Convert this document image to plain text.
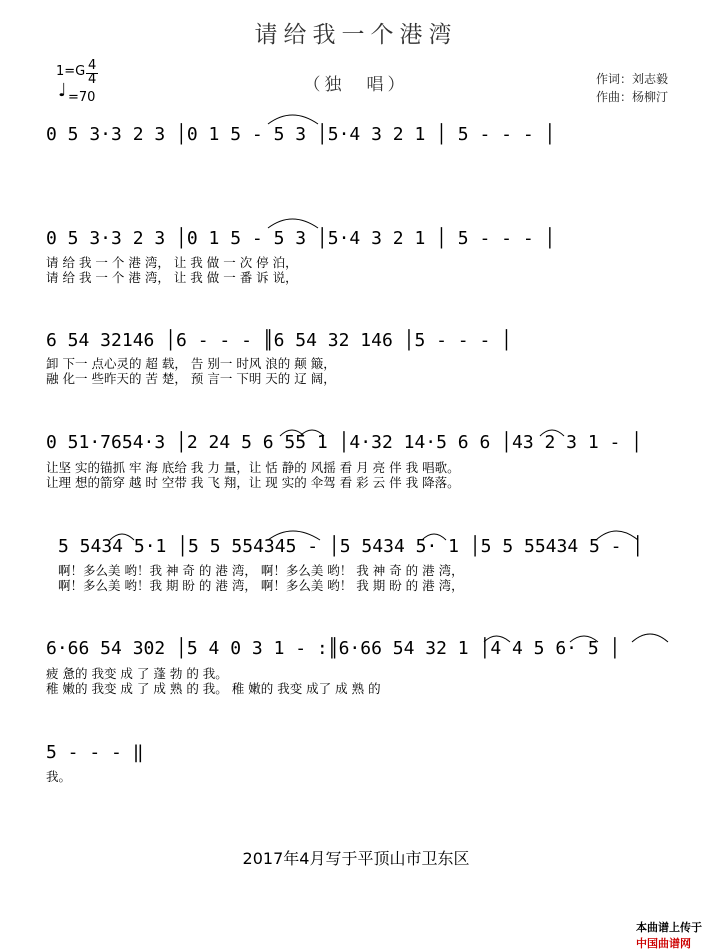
请给我一个港湾
（独　唱）
1=G 4
4
♩ =70
作词：刘志毅
作曲：杨柳汀
0 5 3·3 2 3 │0 1 5 - 5 3 │5·4 3 2 1 │ 5 - - - │
0 5 3·3 2 3 │0 1 5 - 5 3 │5·4 3 2 1 │ 5 - - - │
请 给 我 一 个 港 湾， 让 我 做 一 次 停 泊，
请 给 我 一 个 港 湾， 让 我 做 一 番 诉 说，
6 54 32146 │6 - - - ║6 54 32 146 │5 - - - │
卸 下一 点心灵的 超 载， 告 别一 时风 浪的 颠 簸，
融 化一 些昨天的 苦 楚， 预 言一 下明 天的 辽 阔，
0 51·7654·3 │2 24 5 6 55 1 │4·32 14·5 6 6 │43 2 3 1 - │
让坚 实的锚抓 牢 海 底给 我 力 量，让 恬 静的 风摇 看 月 亮 伴 我 唱歌。
让理 想的箭穿 越 时 空带 我 飞 翔，让 现 实的 伞驾 看 彩 云 伴 我 降落。
5 5434 5·1 │5 5 554345 - │5 5434 5· 1 │5 5 55434 5 - │
啊！多么美 哟！我 神 奇 的 港 湾， 啊！多么美 哟！ 我 神 奇 的 港 湾，
啊！多么美 哟！我 期 盼 的 港 湾， 啊！多么美 哟！ 我 期 盼 的 港 湾，
6·66 54 302 │5 4 0 3 1 - :║6·66 54 32 1 │4 4 5 6· 5 │
疲 惫的 我变 成 了 蓬 勃 的 我。
稚 嫩的 我变 成 了 成 熟 的 我。 稚 嫩的 我变 成了 成 熟 的
5 - - - ‖
我。
2017年4月写于平顶山市卫东区

本曲谱上传于
中国曲谱网
